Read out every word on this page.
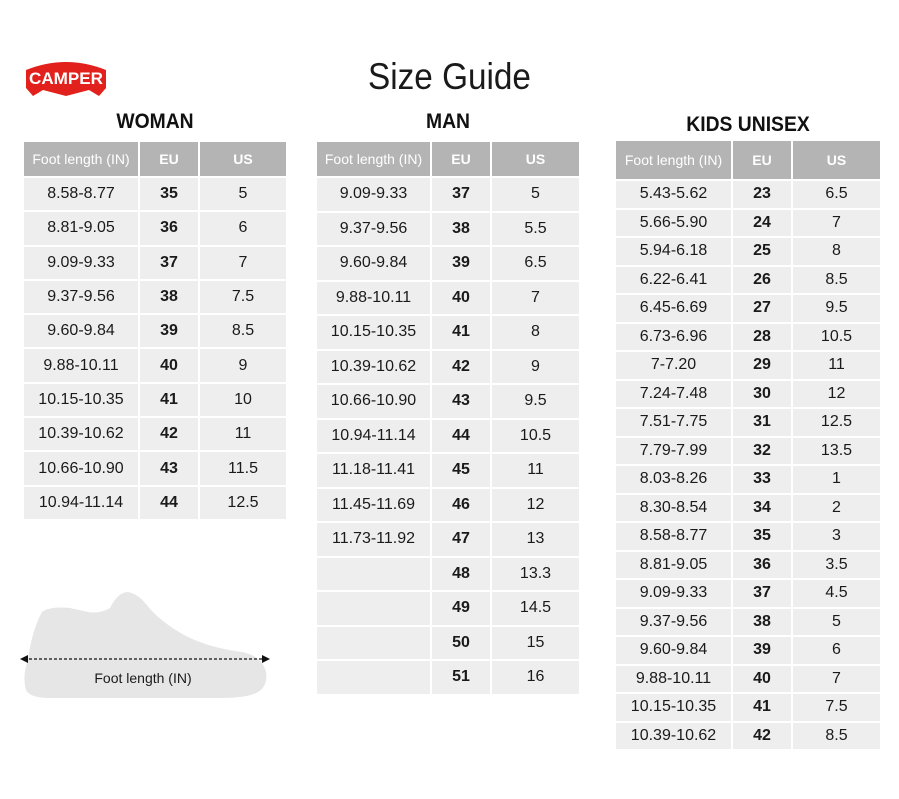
CAMPER	Size Guide
WOMAN	MAN	KIDS UNISEX
Foot length (IN)	EU	US
8.58-8.77	35	5
8.81-9.05	36	6
9.09-9.33	37	7
9.37-9.56	38	7.5
9.60-9.84	39	8.5
9.88-10.11	40	9
10.15-10.35	41	10
10.39-10.62	42	11
10.66-10.90	43	11.5
10.94-11.14	44	12.5
Foot length (IN)	EU	US
9.09-9.33	37	5
9.37-9.56	38	5.5
9.60-9.84	39	6.5
9.88-10.11	40	7
10.15-10.35	41	8
10.39-10.62	42	9
10.66-10.90	43	9.5
10.94-11.14	44	10.5
11.18-11.41	45	11
11.45-11.69	46	12
11.73-11.92	47	13
	48	13.3
	49	14.5
	50	15
	51	16
Foot length (IN)	EU	US
5.43-5.62	23	6.5
5.66-5.90	24	7
5.94-6.18	25	8
6.22-6.41	26	8.5
6.45-6.69	27	9.5
6.73-6.96	28	10.5
7-7.20	29	11
7.24-7.48	30	12
7.51-7.75	31	12.5
7.79-7.99	32	13.5
8.03-8.26	33	1
8.30-8.54	34	2
8.58-8.77	35	3
8.81-9.05	36	3.5
9.09-9.33	37	4.5
9.37-9.56	38	5
9.60-9.84	39	6
9.88-10.11	40	7
10.15-10.35	41	7.5
10.39-10.62	42	8.5
Foot length (IN)
